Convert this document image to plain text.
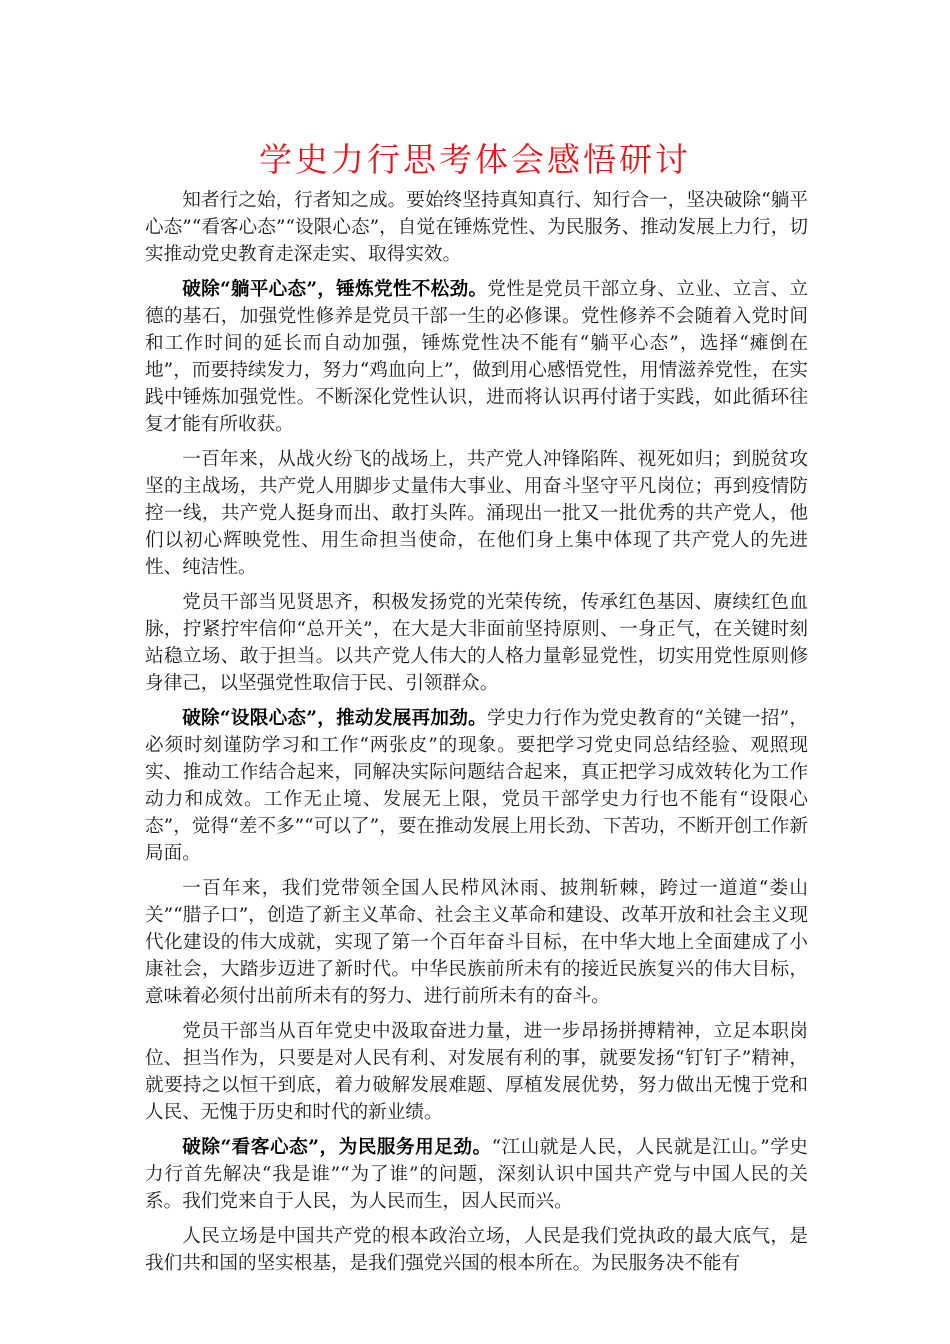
学史力行思考体会感悟研讨

知者行之始，行者知之成。要始终坚持真知真行、知行合一，坚决破除“躺平心态”“看客心态”“设限心态”，自觉在锤炼党性、为民服务、推动发展上力行，切实推动党史教育走深走实、取得实效。

破除“躺平心态”，锤炼党性不松劲。党性是党员干部立身、立业、立言、立德的基石，加强党性修养是党员干部一生的必修课。党性修养不会随着入党时间和工作时间的延长而自动加强，锤炼党性决不能有“躺平心态”，选择“瘫倒在地”，而要持续发力，努力“鸡血向上”，做到用心感悟党性，用情滋养党性，在实践中锤炼加强党性。不断深化党性认识，进而将认识再付诸于实践，如此循环往复才能有所收获。

一百年来，从战火纷飞的战场上，共产党人冲锋陷阵、视死如归；到脱贫攻坚的主战场，共产党人用脚步丈量伟大事业、用奋斗坚守平凡岗位；再到疫情防控一线，共产党人挺身而出、敢打头阵。涌现出一批又一批优秀的共产党人，他们以初心辉映党性、用生命担当使命，在他们身上集中体现了共产党人的先进性、纯洁性。

党员干部当见贤思齐，积极发扬党的光荣传统，传承红色基因、赓续红色血脉，拧紧拧牢信仰“总开关”，在大是大非面前坚持原则、一身正气，在关键时刻站稳立场、敢于担当。以共产党人伟大的人格力量彰显党性，切实用党性原则修身律己，以坚强党性取信于民、引领群众。

破除“设限心态”，推动发展再加劲。学史力行作为党史教育的“关键一招”，必须时刻谨防学习和工作“两张皮”的现象。要把学习党史同总结经验、观照现实、推动工作结合起来，同解决实际问题结合起来，真正把学习成效转化为工作动力和成效。工作无止境、发展无上限，党员干部学史力行也不能有“设限心态”，觉得“差不多”“可以了”，要在推动发展上用长劲、下苦功，不断开创工作新局面。

一百年来，我们党带领全国人民栉风沐雨、披荆斩棘，跨过一道道“娄山关”“腊子口”，创造了新主义革命、社会主义革命和建设、改革开放和社会主义现代化建设的伟大成就，实现了第一个百年奋斗目标，在中华大地上全面建成了小康社会，大踏步迈进了新时代。中华民族前所未有的接近民族复兴的伟大目标，意味着必须付出前所未有的努力、进行前所未有的奋斗。

党员干部当从百年党史中汲取奋进力量，进一步昂扬拼搏精神，立足本职岗位、担当作为，只要是对人民有利、对发展有利的事，就要发扬“钉钉子”精神，就要持之以恒干到底，着力破解发展难题、厚植发展优势，努力做出无愧于党和人民、无愧于历史和时代的新业绩。

破除“看客心态”，为民服务用足劲。“江山就是人民，人民就是江山。”学史力行首先解决“我是谁”“为了谁”的问题，深刻认识中国共产党与中国人民的关系。我们党来自于人民，为人民而生，因人民而兴。

人民立场是中国共产党的根本政治立场，人民是我们党执政的最大底气，是我们共和国的坚实根基，是我们强党兴国的根本所在。为民服务决不能有
